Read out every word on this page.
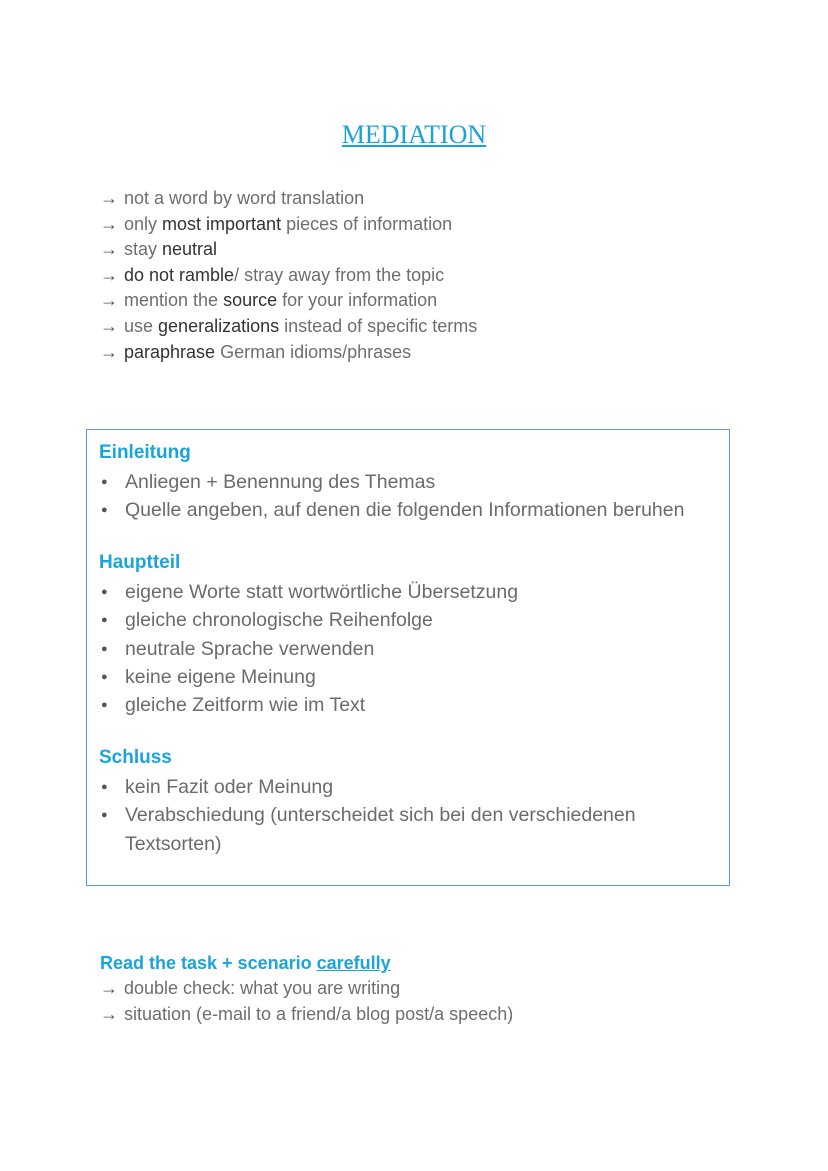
MEDIATION
→ not a word by word translation
→ only most important pieces of information
→ stay neutral
→ do not ramble/ stray away from the topic
→ mention the source for your information
→ use generalizations instead of specific terms
→ paraphrase German idioms/phrases
Einleitung
● Anliegen + Benennung des Themas
● Quelle angeben, auf denen die folgenden Informationen beruhen
Hauptteil
● eigene Worte statt wortwörtliche Übersetzung
● gleiche chronologische Reihenfolge
● neutrale Sprache verwenden
● keine eigene Meinung
● gleiche Zeitform wie im Text
Schluss
● kein Fazit oder Meinung
● Verabschiedung (unterscheidet sich bei den verschiedenen Textsorten)
Read the task + scenario carefully
→ double check: what you are writing
→ situation (e-mail to a friend/a blog post/a speech)
